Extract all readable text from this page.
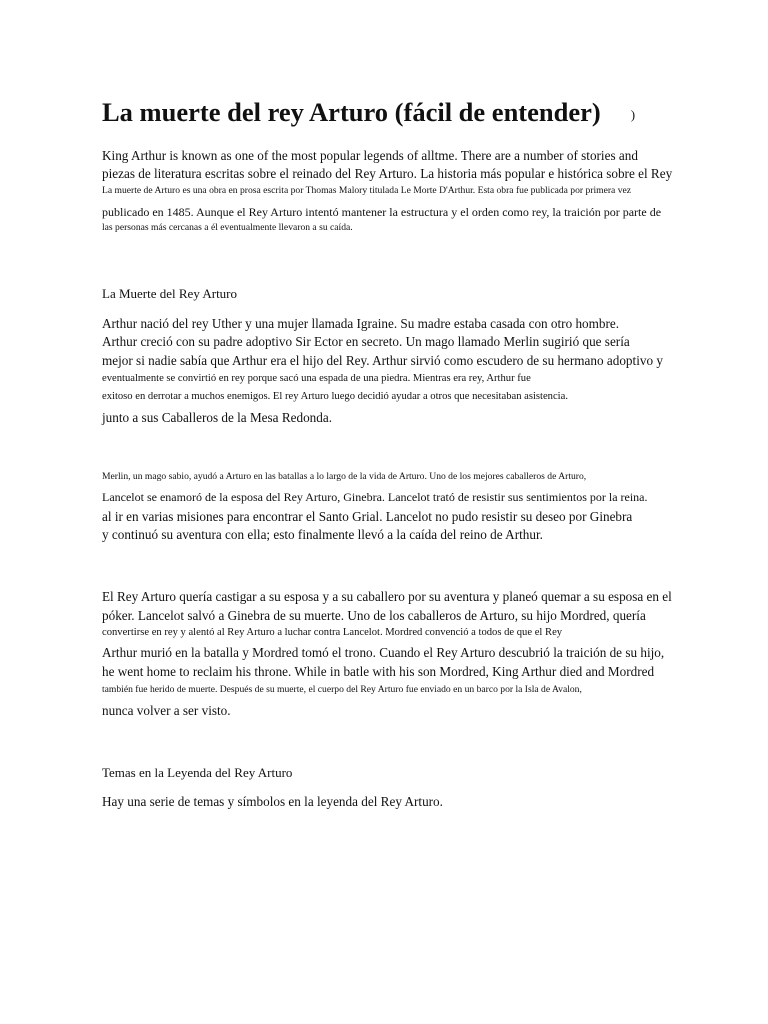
La muerte del rey Arturo (fácil de entender) )
King Arthur is known as one of the most popular legends of alltme. There are a number of stories and
piezas de literatura escritas sobre el reinado del Rey Arturo. La historia más popular e histórica sobre el Rey
La muerte de Arturo es una obra en prosa escrita por Thomas Malory titulada Le Morte D'Arthur. Esta obra fue publicada por primera vez
publicado en 1485. Aunque el Rey Arturo intentó mantener la estructura y el orden como rey, la traición por parte de
las personas más cercanas a él eventualmente llevaron a su caída.
La Muerte del Rey Arturo
Arthur nació del rey Uther y una mujer llamada Igraine. Su madre estaba casada con otro hombre.
Arthur creció con su padre adoptivo Sir Ector en secreto. Un mago llamado Merlin sugirió que sería
mejor si nadie sabía que Arthur era el hijo del Rey. Arthur sirvió como escudero de su hermano adoptivo y
eventualmente se convirtió en rey porque sacó una espada de una piedra. Mientras era rey, Arthur fue
exitoso en derrotar a muchos enemigos. El rey Arturo luego decidió ayudar a otros que necesitaban asistencia.
junto a sus Caballeros de la Mesa Redonda.
Merlin, un mago sabio, ayudó a Arturo en las batallas a lo largo de la vida de Arturo. Uno de los mejores caballeros de Arturo,
Lancelot se enamoró de la esposa del Rey Arturo, Ginebra. Lancelot trató de resistir sus sentimientos por la reina.
al ir en varias misiones para encontrar el Santo Grial. Lancelot no pudo resistir su deseo por Ginebra
y continuó su aventura con ella; esto finalmente llevó a la caída del reino de Arthur.
El Rey Arturo quería castigar a su esposa y a su caballero por su aventura y planeó quemar a su esposa en el
póker. Lancelot salvó a Ginebra de su muerte. Uno de los caballeros de Arturo, su hijo Mordred, quería
convertirse en rey y alentó al Rey Arturo a luchar contra Lancelot. Mordred convenció a todos de que el Rey
Arthur murió en la batalla y Mordred tomó el trono. Cuando el Rey Arturo descubrió la traición de su hijo,
he went home to reclaim his throne. While in batle with his son Mordred, King Arthur died and Mordred
también fue herido de muerte. Después de su muerte, el cuerpo del Rey Arturo fue enviado en un barco por la Isla de Avalon,
nunca volver a ser visto.
Temas en la Leyenda del Rey Arturo
Hay una serie de temas y símbolos en la leyenda del Rey Arturo.
